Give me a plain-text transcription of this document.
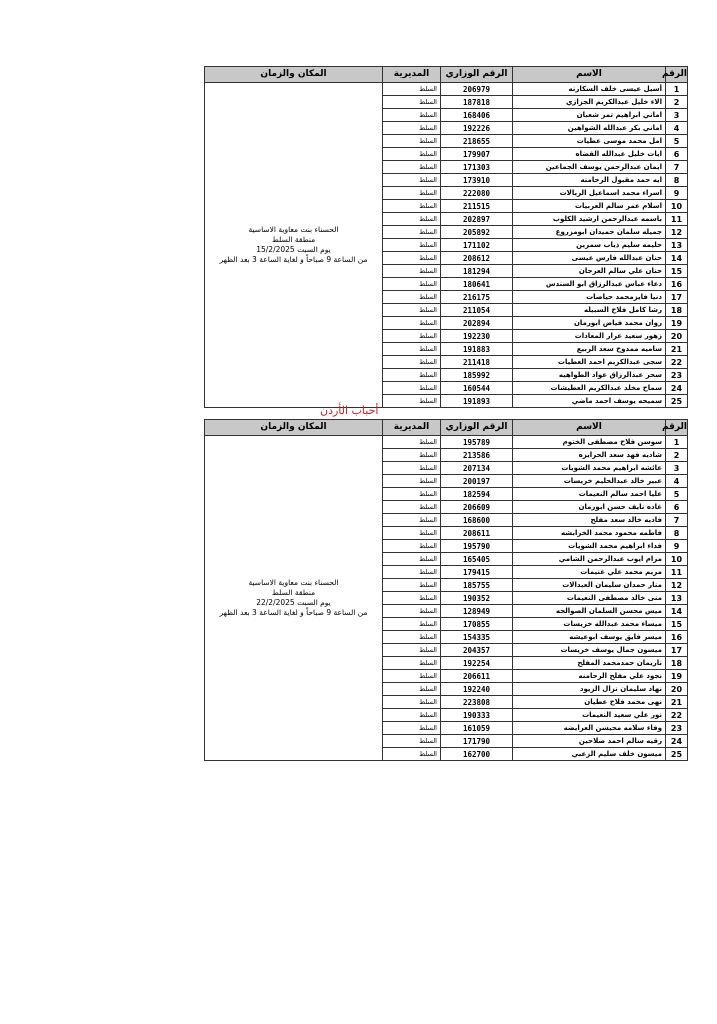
الرقم	الاسم	الرقم الوزاري	المديرية	المكان والزمان
1	أسيل عيسى خلف السكارنه	206979	السلط	الحسناء بنت معاوية الاساسية
منطقة السلط
يوم السبت 15/2/2025
من الساعة 9 صباحاً و لغاية الساعة 3 بعد الظهر

2	الاء خليل عبدالكريم الجزازي	187818	السلط	
3	اماني ابراهيم تمر شعبان	168406	السلط	
4	اماني بكر عبدالله الشواهين	192226	السلط	
5	امل محمد موسى عطيات	218655	السلط	
6	ايات خليل عبدالله القضاه	179907	السلط	
7	ايمان عبدالرحمن يوسف الجماعين	171303	السلط	
8	ايه حمد مقبول الرحامنه	173910	السلط	
9	اسراء محمد اسماعيل الريالات	222080	السلط	
10	اسلام عمر سالم العربيات	211515	السلط	
11	باسمه عبدالرحمن ارشيد الكلوب	202897	السلط	
12	جميله سلمان حميدان ابومزروع	205892	السلط	
13	حليمه سليم ذياب سمرين	171102	السلط	
14	حنان عبدالله فارس عيسى	208612	السلط	
15	حنان علي سالم العرجان	181294	السلط	
16	دعاء عباس عبدالرزاق ابو السندس	180641	السلط	
17	دنيا فايزمحمد حياصات	216175	السلط	
18	رشا كامل فلاح السبيله	211054	السلط	
19	روان محمد فياض ابورمان	202894	السلط	
20	زهور سعيد عرار المعادات	192230	السلط	
21	ساميه ممدوح سعد الربيع	191883	السلط	
22	سجى عبدالكريم احمد العطيات	211418	السلط	
23	سحر عبدالرزاق عواد الطواهيه	185992	السلط	
24	سماح مخلد عبدالكريم العطيشات	160544	السلط	
25	سميحه يوسف احمد ماضي	191893	السلط	
أحباب الأردن
الرقم	الاسم	الرقم الوزاري	المديرية	المكان والزمان
1	سوسن فلاح مصطفى الختوم	195789	السلط	الحسناء بنت معاوية الاساسية
منطقة السلط
يوم السبت 22/2/2025
من الساعة 9 صباحاً و لغاية الساعة 3 بعد الظهر

2	شاديه فهد سعد الحرايزه	213586	السلط	
3	عائشه ابراهيم محمد الشويات	207134	السلط	
4	عبير خالد عبدالحليم خريسات	200197	السلط	
5	عليا احمد سالم النعيمات	182594	السلط	
6	غاده نايف حسن ابورمان	206609	السلط	
7	فاديه خالد سعد مفلح	168600	السلط	
8	فاطمه محمود محمد الخرابشه	208611	السلط	
9	فداء ابراهيم محمد الشويات	195790	السلط	
10	مرام ايوب عبدالرحمن الشامي	165405	السلط	
11	مريم محمد علي غنيمات	179415	السلط	
12	منار حمدان سليمان العبدالات	185755	السلط	
13	منى خالد مصطفى النعيمات	190352	السلط	
14	ميس محسن السلمان الصوالحه	128949	السلط	
15	ميساء محمد عبدالله خريسات	170855	السلط	
16	ميسر فايق يوسف ابوعيشه	154335	السلط	
17	ميسون جمال يوسف خريسات	204357	السلط	
18	ناريمان حمدمحمد المفلح	192254	السلط	
19	نجود علي مفلح الرحامنه	206611	السلط	
20	نهاد سليمان نزال الزيود	192240	السلط	
21	نهى محمد فلاح عطيان	223808	السلط	
22	نور علي سعيد النعيمات	190333	السلط	
23	وفاء سلامه محيسن العرايضه	161059	السلط	
24	رقيه سالم احمد صلاحين	171790	السلط	
25	ميسون خلف سليم الزعبي	162700	السلط	
